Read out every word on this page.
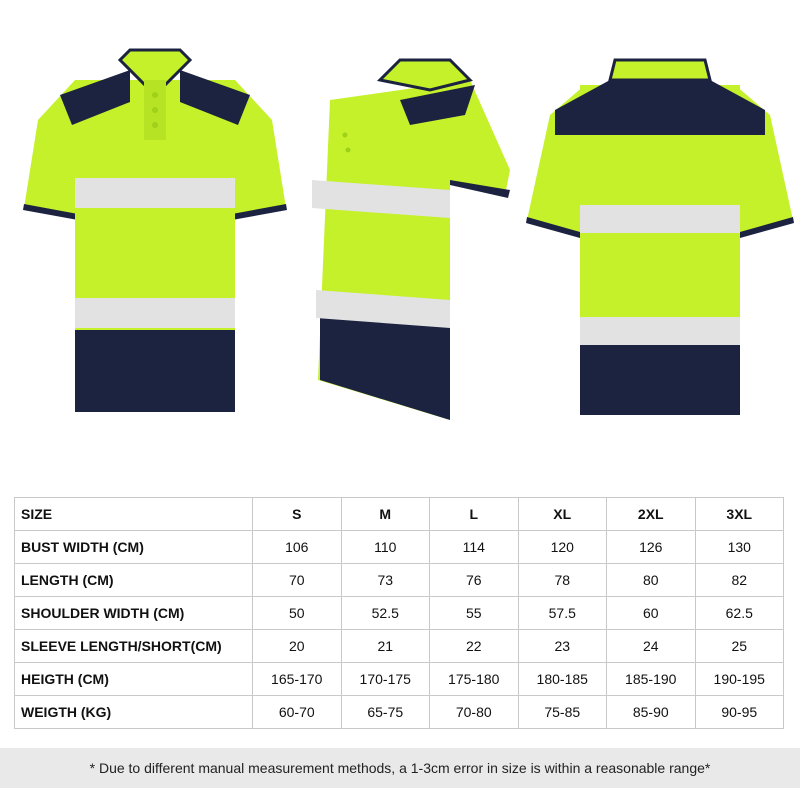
SIZE	S	M	L	XL	2XL	3XL
BUST WIDTH (CM)	106	110	114	120	126	130
LENGTH (CM)	70	73	76	78	80	82
SHOULDER WIDTH (CM)	50	52.5	55	57.5	60	62.5
SLEEVE LENGTH/SHORT(CM)	20	21	22	23	24	25
HEIGTH (CM)	165-170	170-175	175-180	180-185	185-190	190-195
WEIGTH (KG)	60-70	65-75	70-80	75-85	85-90	90-95
* Due to different manual measurement methods, a 1-3cm error in size is within a reasonable range*
